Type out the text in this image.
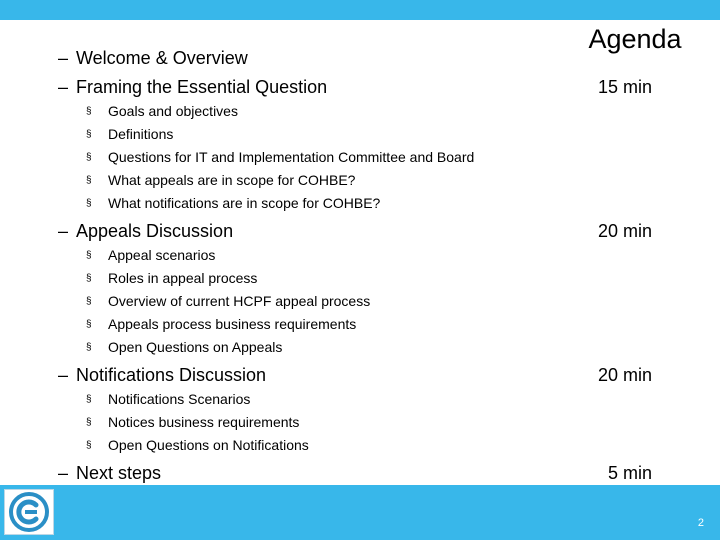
Agenda
– Welcome & Overview
– Framing the Essential Question	15 min
§ Goals and objectives
§ Definitions
§ Questions for IT and Implementation Committee and Board
§ What appeals are in scope for COHBE?
§ What notifications are in scope for COHBE?
– Appeals Discussion	20 min
§ Appeal scenarios
§ Roles in appeal process
§ Overview of current HCPF appeal process
§ Appeals process business requirements
§ Open Questions on Appeals
– Notifications Discussion	20 min
§ Notifications Scenarios
§ Notices business requirements
§ Open Questions on Notifications
– Next steps	5 min
2
